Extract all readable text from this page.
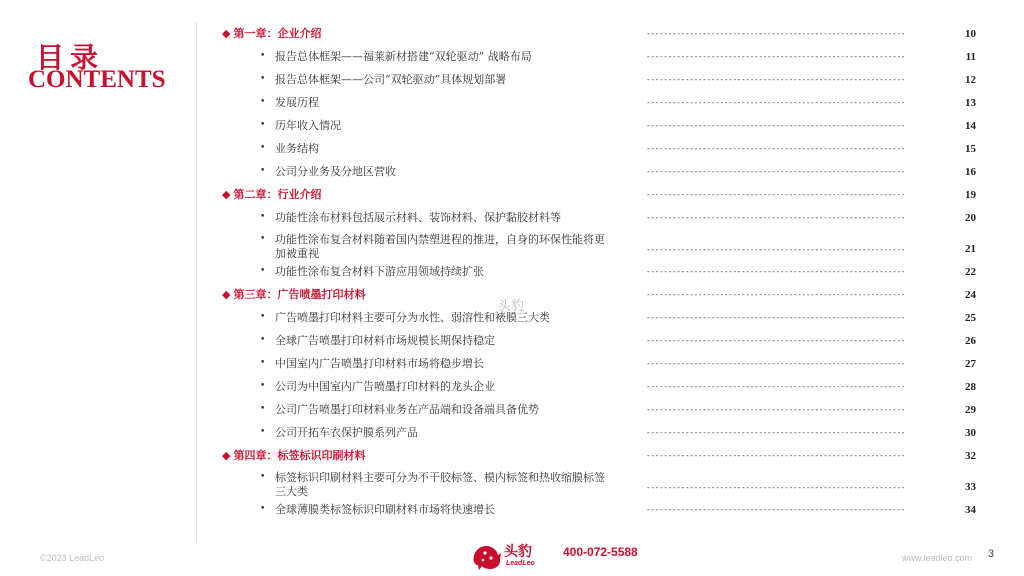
目录
CONTENTS
◆ 第一章：企业介绍	------------------------------------------------------------	10
• 报告总体框架——福莱新材搭建“双轮驱动” 战略布局	------------------------------------------------------------	11
• 报告总体框架——公司“双轮驱动”具体规划部署	------------------------------------------------------------	12
• 发展历程	------------------------------------------------------------	13
• 历年收入情况	------------------------------------------------------------	14
• 业务结构	------------------------------------------------------------	15
• 公司分业务及分地区营收	------------------------------------------------------------	16
◆ 第二章：行业介绍	------------------------------------------------------------	19
• 功能性涂布材料包括展示材料、装饰材料、保护黏胶材料等	------------------------------------------------------------	20
• 功能性涂布复合材料随着国内禁塑进程的推进，自身的环保性能将更加被重视	------------------------------------------------------------	21
• 功能性涂布复合材料下游应用领域持续扩张	------------------------------------------------------------	22
◆ 第三章：广告喷墨打印材料	------------------------------------------------------------	24
• 广告喷墨打印材料主要可分为水性、弱溶性和裱膜三大类	------------------------------------------------------------	25
• 全球广告喷墨打印材料市场规模长期保持稳定	------------------------------------------------------------	26
• 中国室内广告喷墨打印材料市场将稳步增长	------------------------------------------------------------	27
• 公司为中国室内广告喷墨打印材料的龙头企业	------------------------------------------------------------	28
• 公司广告喷墨打印材料业务在产品端和设备端具备优势	------------------------------------------------------------	29
• 公司开拓车衣保护膜系列产品	------------------------------------------------------------	30
◆ 第四章：标签标识印刷材料	------------------------------------------------------------	32
• 标签标识印刷材料主要可分为不干胶标签、模内标签和热收缩膜标签三大类	------------------------------------------------------------	33
• 全球薄膜类标签标识印刷材料市场将快速增长	------------------------------------------------------------	34
头豹
©2023 LeadLeo	头豹
LeadLeo
400-072-5588	www.leadleo.com 3
